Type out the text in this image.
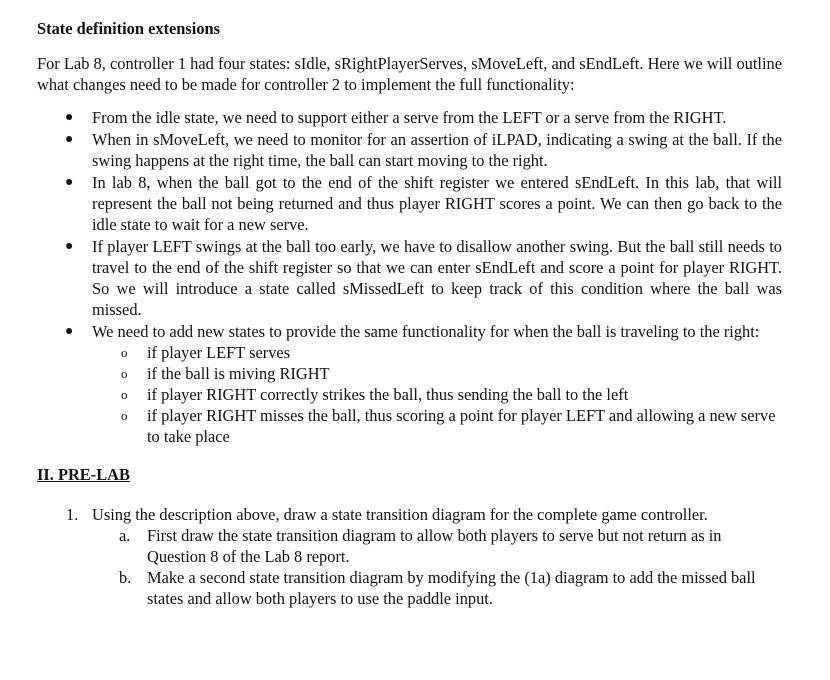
State definition extensions

For Lab 8, controller 1 had four states: sIdle, sRightPlayerServes, sMoveLeft, and sEndLeft. Here we will outline what changes need to be made for controller 2 to implement the full functionality:

● From the idle state, we need to support either a serve from the LEFT or a serve from the RIGHT.
● When in sMoveLeft, we need to monitor for an assertion of iLPAD, indicating a swing at the ball. If the swing happens at the right time, the ball can start moving to the right.
● In lab 8, when the ball got to the end of the shift register we entered sEndLeft. In this lab, that will represent the ball not being returned and thus player RIGHT scores a point. We can then go back to the idle state to wait for a new serve.
● If player LEFT swings at the ball too early, we have to disallow another swing. But the ball still needs to travel to the end of the shift register so that we can enter sEndLeft and score a point for player RIGHT. So we will introduce a state called sMissedLeft to keep track of this condition where the ball was missed.
● We need to add new states to provide the same functionality for when the ball is traveling to the right:
o if player LEFT serves
o if the ball is miving RIGHT
o if player RIGHT correctly strikes the ball, thus sending the ball to the left
o if player RIGHT misses the ball, thus scoring a point for player LEFT and allowing a new serve to take place
II. PRE-LAB
1. Using the description above, draw a state transition diagram for the complete game controller.
a. First draw the state transition diagram to allow both players to serve but not return as in Question 8 of the Lab 8 report.
b. Make a second state transition diagram by modifying the (1a) diagram to add the missed ball states and allow both players to use the paddle input.
